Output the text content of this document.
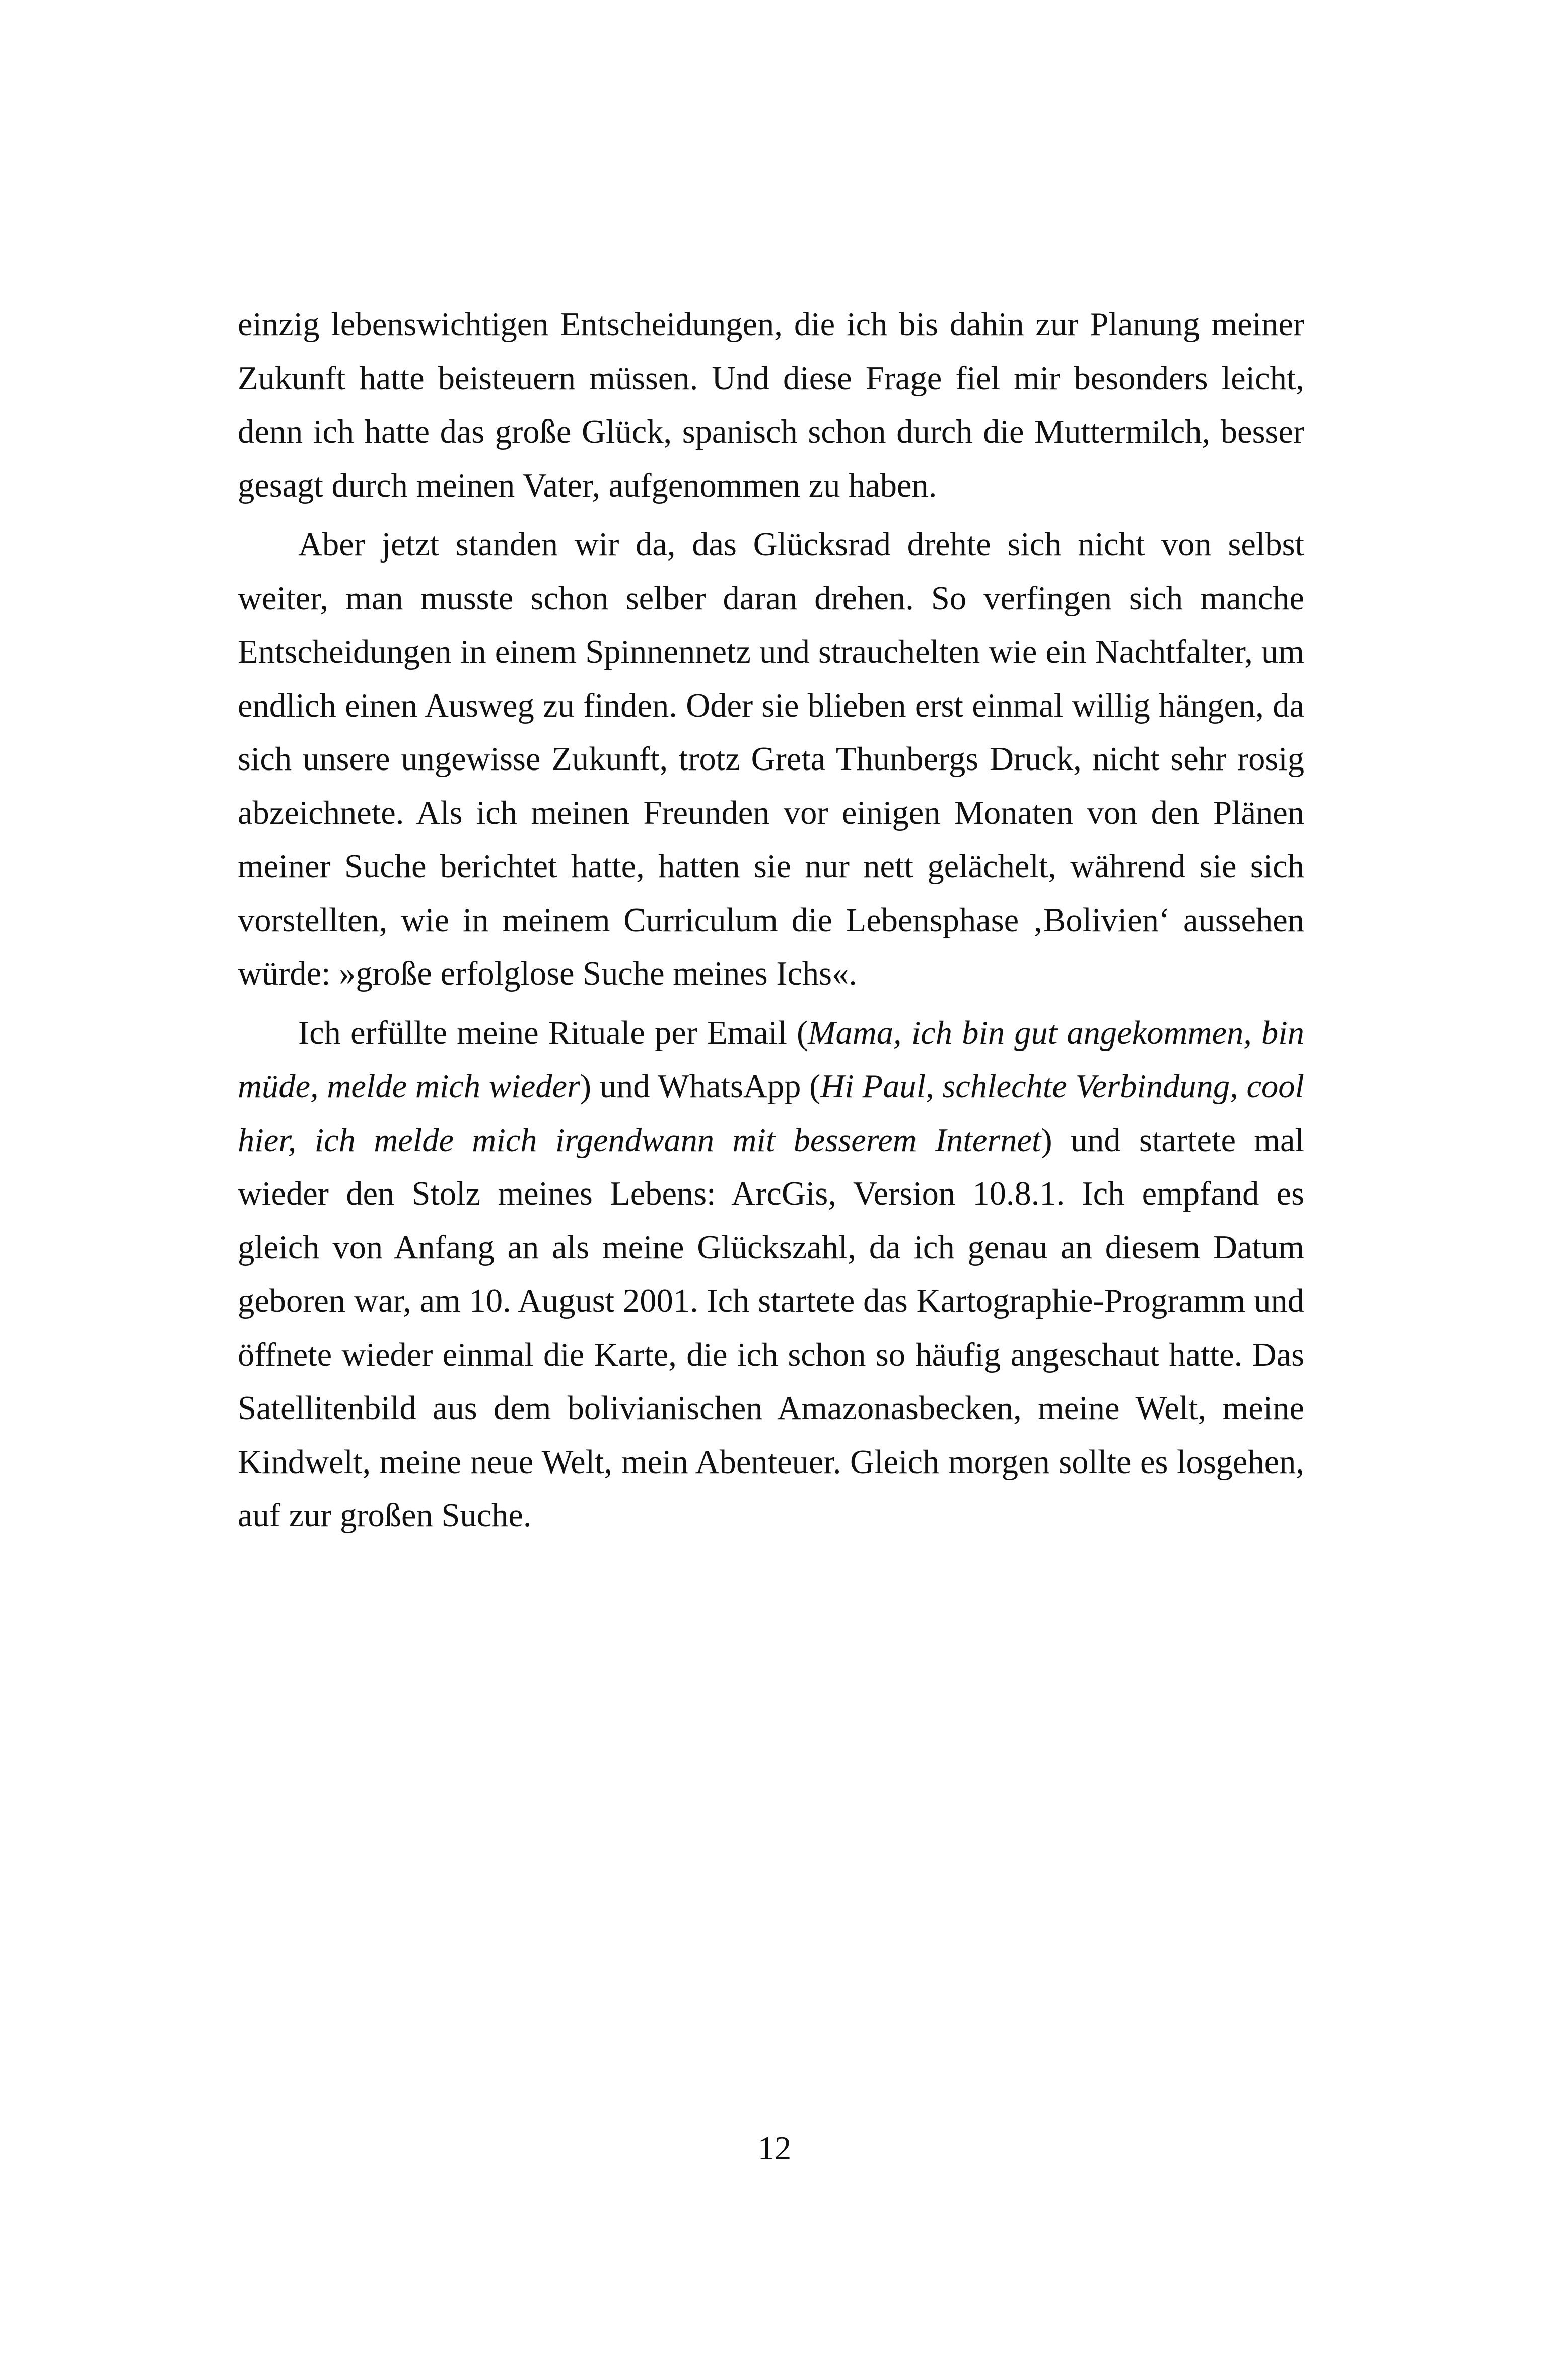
einzig lebenswichtigen Entscheidungen, die ich bis dahin zur Planung meiner Zukunft hatte beisteuern müssen. Und diese Frage fiel mir besonders leicht, denn ich hatte das große Glück, spanisch schon durch die Muttermilch, besser gesagt durch meinen Vater, aufgenommen zu haben.

Aber jetzt standen wir da, das Glücksrad drehte sich nicht von selbst weiter, man musste schon selber daran drehen. So verfingen sich manche Entscheidungen in einem Spinnennetz und strauchelten wie ein Nachtfalter, um endlich einen Ausweg zu finden. Oder sie blieben erst einmal willig hängen, da sich unsere ungewisse Zukunft, trotz Greta Thunbergs Druck, nicht sehr rosig abzeichnete. Als ich meinen Freunden vor einigen Monaten von den Plänen meiner Suche berichtet hatte, hatten sie nur nett gelächelt, während sie sich vorstellten, wie in meinem Curriculum die Lebensphase ‚Bolivien‘ aussehen würde: »große erfolglose Suche meines Ichs«.

Ich erfüllte meine Rituale per Email (Mama, ich bin gut angekommen, bin müde, melde mich wieder) und WhatsApp (Hi Paul, schlechte Verbindung, cool hier, ich melde mich irgendwann mit besserem Internet) und startete mal wieder den Stolz meines Lebens: ArcGis, Version 10.8.1. Ich empfand es gleich von Anfang an als meine Glückszahl, da ich genau an diesem Datum geboren war, am 10. August 2001. Ich startete das Kartographie-Programm und öffnete wieder einmal die Karte, die ich schon so häufig angeschaut hatte. Das Satellitenbild aus dem bolivianischen Amazonasbecken, meine Welt, meine Kindwelt, meine neue Welt, mein Abenteuer. Gleich morgen sollte es losgehen, auf zur großen Suche.

12
